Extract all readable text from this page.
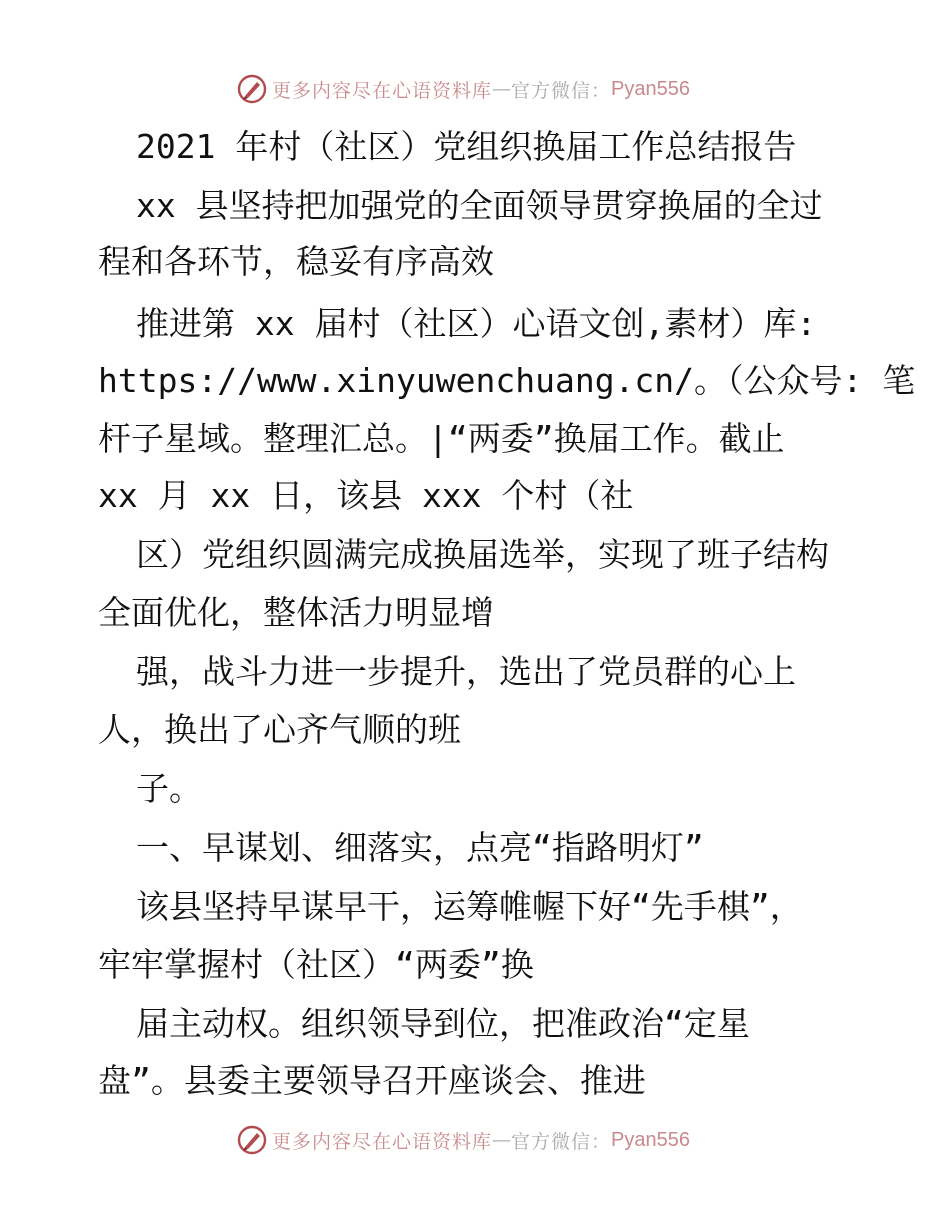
更多内容尽在心语资料库 — 官方微信： Pyan556
2021 年村（社区）党组织换届工作总结报告
xx 县坚持把加强党的全面领导贯穿换届的全过
程和各环节，稳妥有序高效
推进第 xx 届村（社区）心语文创,素材）库:
https://www.xinyuwenchuang.cn/。（公众号: 笔
杆子星域。整理汇总。|“两委”换届工作。截止
xx 月 xx 日，该县 xxx 个村（社
区）党组织圆满完成换届选举，实现了班子结构
全面优化，整体活力明显增
强，战斗力进一步提升，选出了党员群的心上
人，换出了心齐气顺的班
子。
一、早谋划、细落实，点亮“指路明灯”
该县坚持早谋早干，运筹帷幄下好“先手棋”，
牢牢掌握村（社区）“两委”换
届主动权。组织领导到位，把准政治“定星
盘”。县委主要领导召开座谈会、推进
更多内容尽在心语资料库 — 官方微信： Pyan556
